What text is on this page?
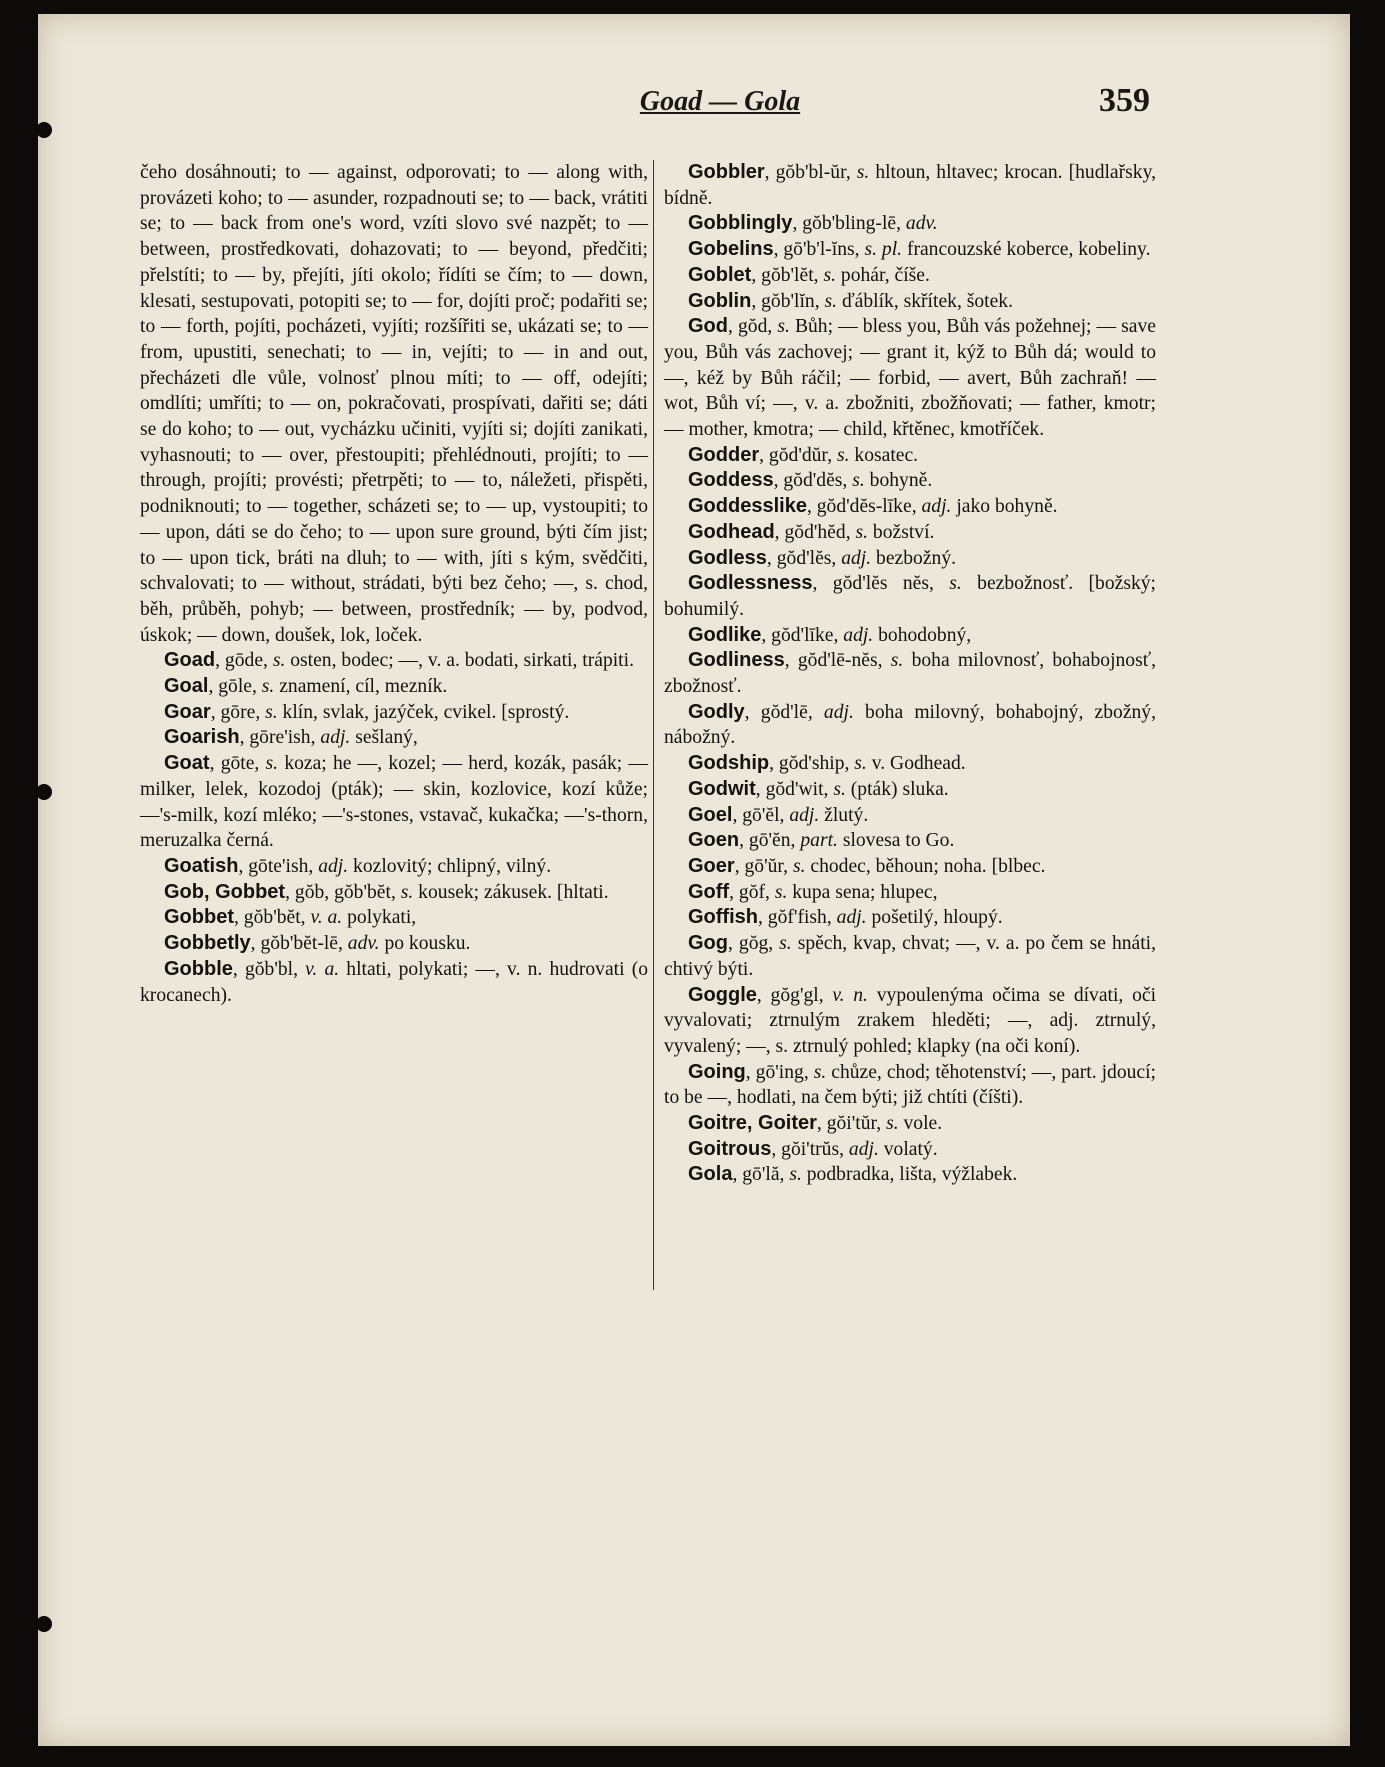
Goad — Gola	359

čeho dosáhnouti; to — against, odporovati; to — along with, provázeti koho; to — asunder, rozpadnouti se; to — back, vrátiti se; to — back from one's word, vzíti slovo své nazpět; to — between, prostředkovati, dohazovati; to — beyond, předčiti; přelstíti; to — by, přejíti, jíti okolo; řídíti se čím; to — down, klesati, sestupovati, potopiti se; to — for, dojíti proč; podařiti se; to — forth, pojíti, pocházeti, vyjíti; rozšířiti se, ukázati se; to — from, upustiti, senechati; to — in, vejíti; to — in and out, přecházeti dle vůle, volnosť plnou míti; to — off, odejíti; omdlíti; umříti; to — on, pokračovati, prospívati, dařiti se; dáti se do koho; to — out, vycházku učiniti, vyjíti si; dojíti zanikati, vyhasnouti; to — over, přestoupiti; přehlédnouti, projíti; to — through, projíti; provésti; přetrpěti; to — to, náležeti, přispěti, podniknouti; to — together, scházeti se; to — up, vystoupiti; to — upon, dáti se do čeho; to — upon sure ground, býti čím jist; to — upon tick, bráti na dluh; to — with, jíti s kým, svědčiti, schvalovati; to — without, strádati, býti bez čeho; —, s. chod, běh, průběh, pohyb; — between, prostředník; — by, podvod, úskok; — down, doušek, lok, loček.

Goad, gōde, s. osten, bodec; —, v. a. bodati, sirkati, trápiti.

Goal, gōle, s. znamení, cíl, mezník.

Goar, gōre, s. klín, svlak, jazýček, cvikel. [sprostý.

Goarish, gōre'ish, adj. sešlaný,

Goat, gōte, s. koza; he —, kozel; — herd, kozák, pasák; — milker, lelek, kozodoj (pták); — skin, kozlovice, kozí kůže; —'s-milk, kozí mléko; —'s-stones, vstavač, kukačka; —'s-thorn, meruzalka černá.

Goatish, gōte'ish, adj. kozlovitý; chlipný, vilný.

Gob, Gobbet, gŏb, gŏb'bĕt, s. kousek; zákusek. [hltati.

Gobbet, gŏb'bĕt, v. a. polykati,

Gobbetly, gŏb'bĕt-lē, adv. po kousku.

Gobble, gŏb'bl, v. a. hltati, polykati; —, v. n. hudrovati (o krocanech).

Gobbler, gŏb'bl-ŭr, s. hltoun, hltavec; krocan. [hudlařsky, bídně.

Gobblingly, gŏb'bling-lē, adv.

Gobelins, gō'b'l-ĭns, s. pl. francouzské koberce, kobeliny.

Goblet, gŏb'lĕt, s. pohár, číše.

Goblin, gŏb'lĭn, s. ďáblík, skřítek, šotek.

God, gŏd, s. Bůh; — bless you, Bůh vás požehnej; — save you, Bůh vás zachovej; — grant it, kýž to Bůh dá; would to —, kéž by Bůh ráčil; — forbid, — avert, Bůh zachraň! — wot, Bůh ví; —, v. a. zbožniti, zbožňovati; — father, kmotr; — mother, kmotra; — child, křtěnec, kmotříček.

Godder, gŏd'dŭr, s. kosatec.

Goddess, gŏd'dĕs, s. bohyně.

Goddesslike, gŏd'dĕs-līke, adj. jako bohyně.

Godhead, gŏd'hĕd, s. božství.

Godless, gŏd'lĕs, adj. bezbožný.

Godlessness, gŏd'lĕs nĕs, s. bezbožnosť. [božský; bohumilý.

Godlike, gŏd'līke, adj. bohodobný,

Godliness, gŏd'lē-nĕs, s. boha milovnosť, bohabojnosť, zbožnosť.

Godly, gŏd'lē, adj. boha milovný, bohabojný, zbožný, nábožný.

Godship, gŏd'ship, s. v. Godhead.

Godwit, gŏd'wit, s. (pták) sluka.

Goel, gō'ĕl, adj. žlutý.

Goen, gō'ĕn, part. slovesa to Go.

Goer, gō'ŭr, s. chodec, běhoun; noha. [blbec.

Goff, gŏf, s. kupa sena; hlupec,

Goffish, gŏf'fish, adj. pošetilý, hloupý.

Gog, gŏg, s. spěch, kvap, chvat; —, v. a. po čem se hnáti, chtivý býti.

Goggle, gŏg'gl, v. n. vypoulenýma očima se dívati, oči vyvalovati; ztrnulým zrakem hleděti; —, adj. ztrnulý, vyvalený; —, s. ztrnulý pohled; klapky (na oči koní).

Going, gō'ing, s. chůze, chod; těhotenství; —, part. jdoucí; to be —, hodlati, na čem býti; již chtíti (číšti).

Goitre, Goiter, gŏi'tŭr, s. vole.

Goitrous, gŏi'trŭs, adj. volatý.

Gola, gō'lă, s. podbradka, lišta, výžlabek.
